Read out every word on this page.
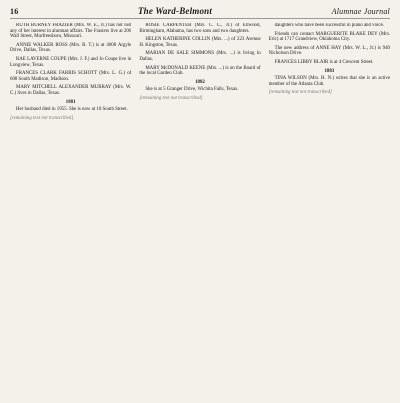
16	The Ward-Belmont	Alumnae Journal

RUTH BURNEY FRAZIER (Mrs. W. E., Jr.) has not lost any of her interest in alumnae affairs. The Frasiers live at 206 Wall Street, Murfreesboro, Missouri.

ANNIE WALKER ROSS (Mrs. R. T.) is at 4008 Argyle Drive, Dallas, Texas.

RAE LAVERNE COUPE (Mrs. J. F.) and Jo Coupe live in Longview, Texas.

FRANCES CLARK FARRIS SCHOTT (Mrs. L. G.) of 608 South Madison, Madison.

MARY MITCHELL ALEXANDER MURRAY (Mrs. W. C.) lives in Dallas, Texas.

1881

Her husband died in 1955. She is now at 10 South Street.

[remaining text not transcribed]

ROSIE CARPENTER (Mrs. C. C., Jr.) of Ellwood, Birmingham, Alabama, has two sons and two daughters.

HELEN KATHERINE COLLIN (Mrs. ...) of 223 Avenue H. Kingston, Texas.

MARIAN DE SALE SIMMONS (Mrs. ...) is living in Dallas.

MARY McDONALD KEENE (Mrs. ...) is on the Board of the local Garden Club.

1882

She is at 5 Granger Drive, Wichita Falls, Texas.

[remaining text not transcribed]

daughters who have been successful in piano and voice.

Friends can contact MARGUERITE BLAKE DEY (Mrs. Eric) at 1717 Grandview, Oklahoma City.

The new address of ANNE HAY (Mrs. W. L., Jr.) is 940 Nicholson Drive.

FRANCES LIBBY BLAIR is at 4 Crescent Street.

1883

TINA WILSON (Mrs. H. N.) writes that she is an active member of the Atlanta Club.

[remaining text not transcribed]
